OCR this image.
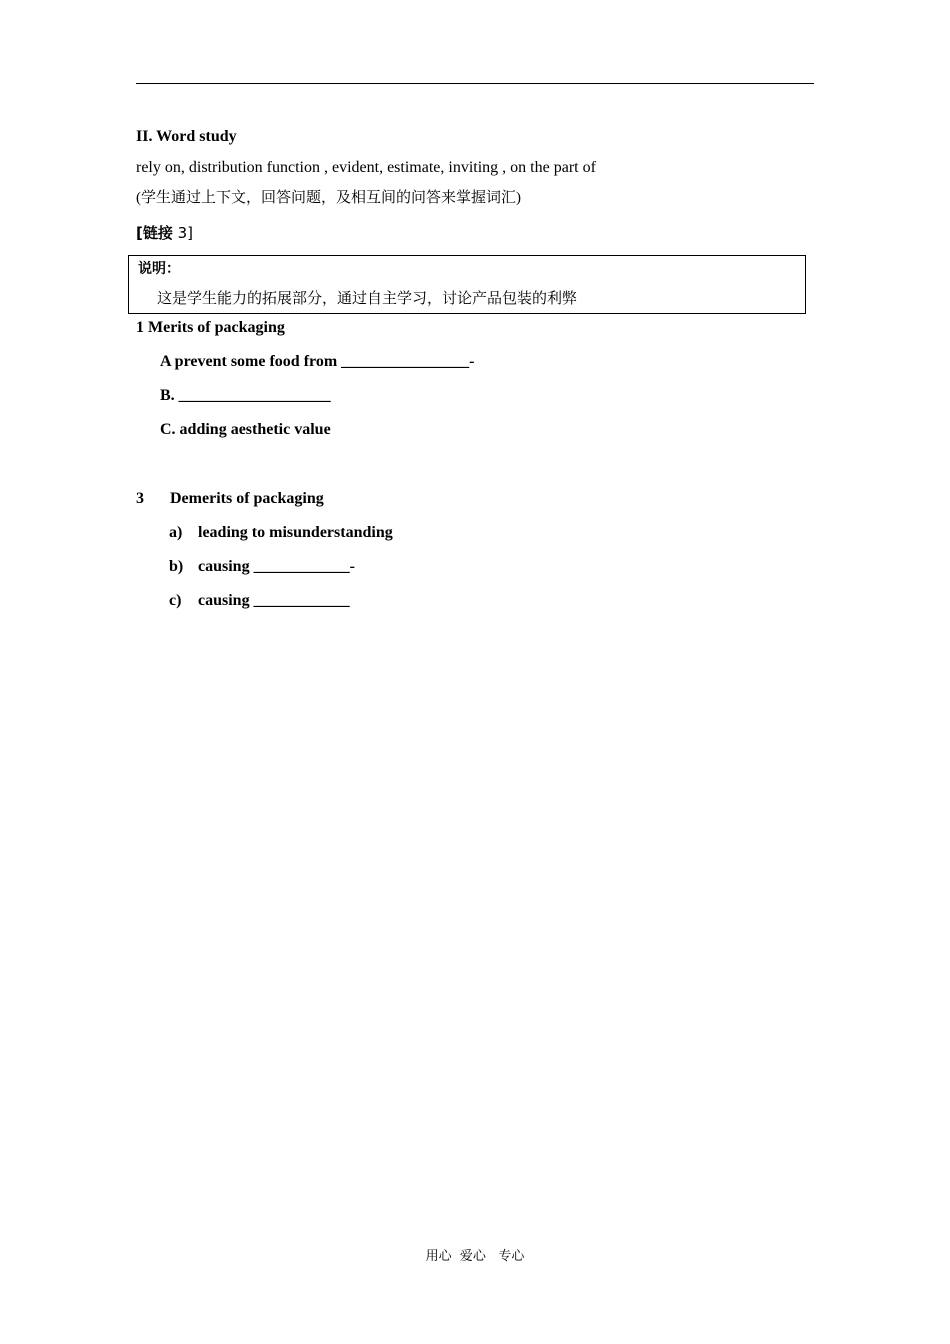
II. Word study
rely on, distribution function , evident, estimate, inviting , on the part of
(学生通过上下文，回答问题，及相互间的问答来掌握词汇)
[链接 3]
说明：
这是学生能力的拓展部分，通过自主学习，讨论产品包装的利弊
1 Merits of packaging
A prevent some food from ________________-
B. ___________________
C. adding aesthetic value
3 Demerits of packaging
a) leading to misunderstanding
b) causing ____________-
c) causing ____________
用心  爱心   专心
